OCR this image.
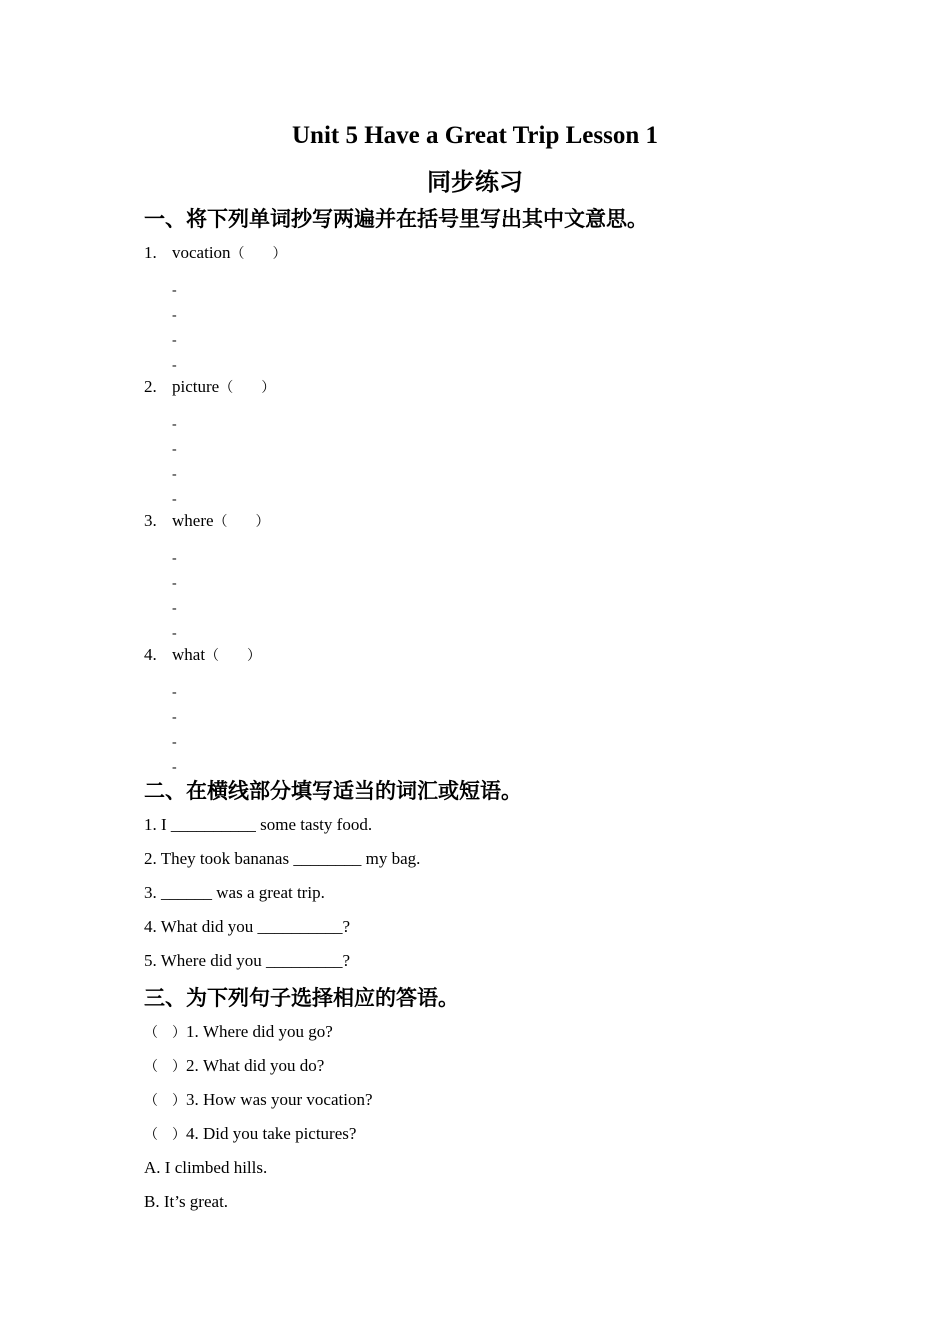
Unit 5 Have a Great Trip Lesson 1
同步练习
一、将下列单词抄写两遍并在括号里写出其中文意思。
1. vocation（　　）
-
-
-
-
2. picture（　　）
-
-
-
-
3. where（　　）
-
-
-
-
4. what（　　）
-
-
-
-
二、在横线部分填写适当的词汇或短语。
1. I __________ some tasty food.
2. They took bananas ________ my bag.
3. ______ was a great trip.
4. What did you __________?
5. Where did you _________?
三、为下列句子选择相应的答语。
（　）1. Where did you go?
（　）2. What did you do?
（　）3. How was your vocation?
（　）4. Did you take pictures?
A. I climbed hills.
B. It’s great.
